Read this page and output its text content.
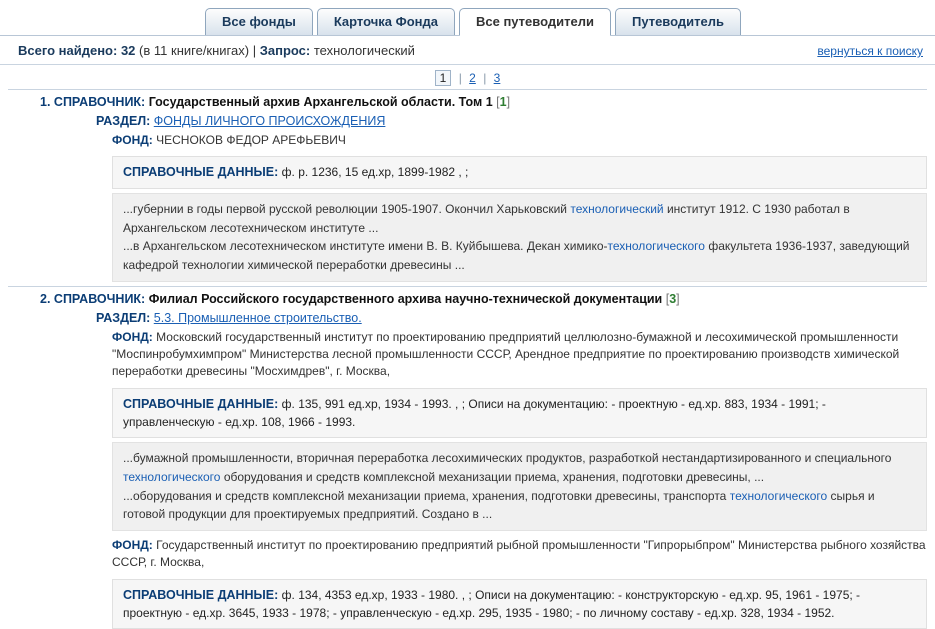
Все фонды	Карточка Фонда	Все путеводители	Путеводитель
Всего найдено: 32 (в 11 книге/книгах) | Запрос: технологический	вернуться к поиску
1 | 2 | 3
1. СПРАВОЧНИК: Государственный архив Архангельской области. Том 1 [1]
РАЗДЕЛ: ФОНДЫ ЛИЧНОГО ПРОИСХОЖДЕНИЯ
ФОНД: ЧЕСНОКОВ ФЕДОР АРЕФЬЕВИЧ
СПРАВОЧНЫЕ ДАННЫЕ: ф. р. 1236, 15 ед.хр, 1899-1982 , ;

...губернии в годы первой русской революции 1905-1907. Окончил Харьковский технологический институт 1912. С 1930 работал в Архангельском лесотехническом институте ...

...в Архангельском лесотехническом институте имени В. В. Куйбышева. Декан химико-технологического факультета 1936-1937, заведующий кафедрой технологии химической переработки древесины ...

2. СПРАВОЧНИК: Филиал Российского государственного архива научно-технической документации [3]
РАЗДЕЛ: 5.3. Промышленное строительство.
ФОНД: Московский государственный институт по проектированию предприятий целлюлозно-бумажной и лесохимической промышленности "Моспинробумхимпром" Министерства лесной промышленности СССР, Арендное предприятие по проектированию производств химической переработки древесины "Мосхимдрев", г. Москва,
СПРАВОЧНЫЕ ДАННЫЕ: ф. 135, 991 ед.хр, 1934 - 1993. , ; Описи на документацию: - проектную - ед.хр. 883, 1934 - 1991; - управленческую - ед.хр. 108, 1966 - 1993.

...бумажной промышленности, вторичная переработка лесохимических продуктов, разработкой нестандартизированного и специального технологического оборудования и средств комплексной механизации приема, хранения, подготовки древесины, ...

...оборудования и средств комплексной механизации приема, хранения, подготовки древесины, транспорта технологического сырья и готовой продукции для проектируемых предприятий. Создано в ...

ФОНД: Государственный институт по проектированию предприятий рыбной промышленности "Гипрорыбпром" Министерства рыбного хозяйства СССР, г. Москва,
СПРАВОЧНЫЕ ДАННЫЕ: ф. 134, 4353 ед.хр, 1933 - 1980. , ; Описи на документацию: - конструкторскую - ед.хр. 95, 1961 - 1975; - проектную - ед.хр. 3645, 1933 - 1978; - управленческую - ед.хр. 295, 1935 - 1980; - по личному составу - ед.хр. 328, 1934 - 1952.
